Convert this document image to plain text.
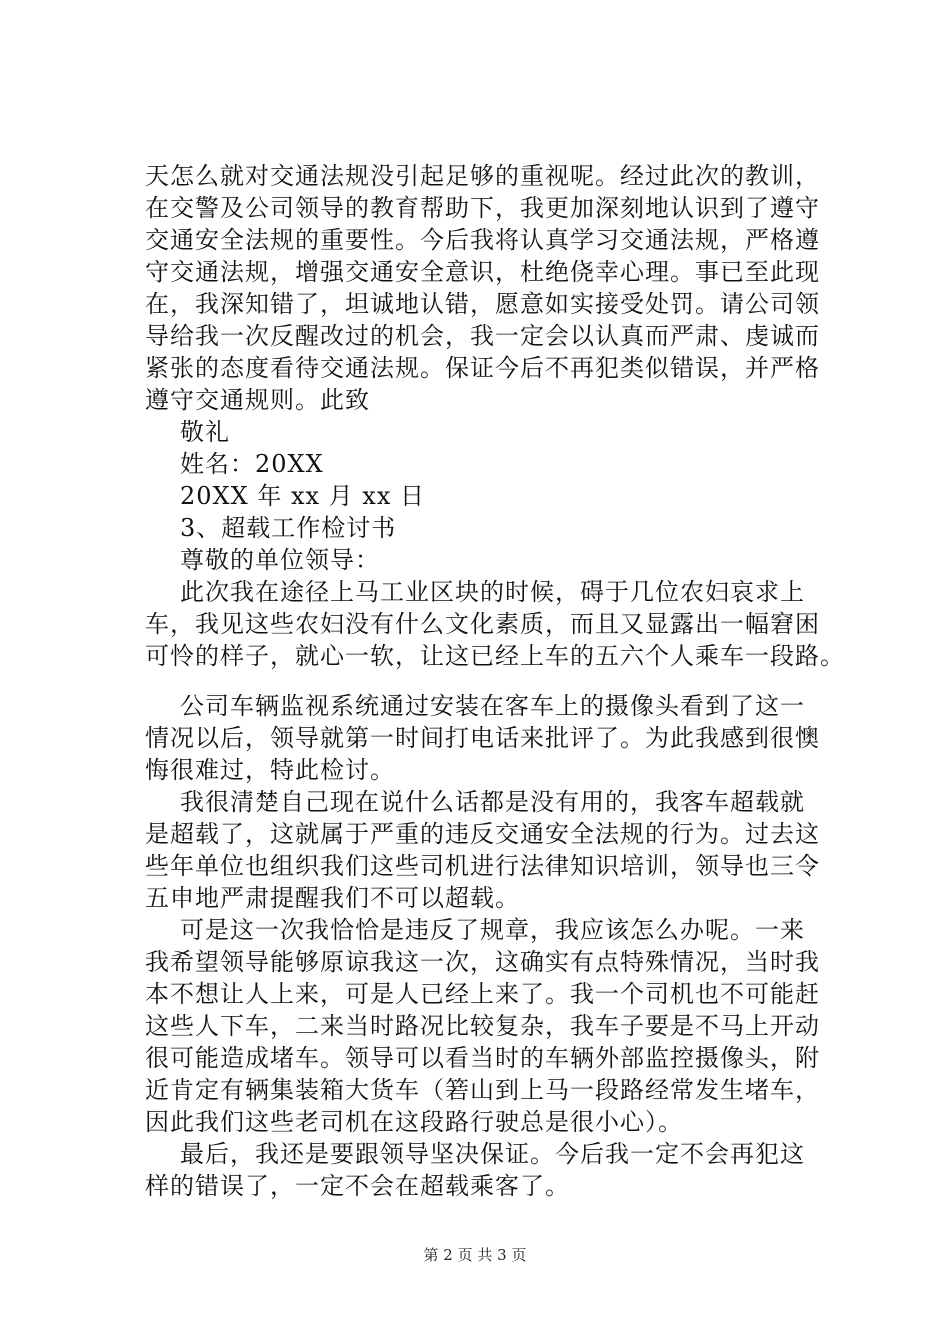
天怎么就对交通法规没引起足够的重视呢。经过此次的教训，
在交警及公司领导的教育帮助下，我更加深刻地认识到了遵守
交通安全法规的重要性。今后我将认真学习交通法规，严格遵
守交通法规，增强交通安全意识，杜绝侥幸心理。事已至此现
在，我深知错了，坦诚地认错，愿意如实接受处罚。请公司领
导给我一次反醒改过的机会，我一定会以认真而严肃、虔诚而
紧张的态度看待交通法规。保证今后不再犯类似错误，并严格
遵守交通规则。此致
敬礼
姓名：20XX
20XX 年 xx 月 xx 日
3、超载工作检讨书
尊敬的单位领导：
此次我在途径上马工业区块的时候，碍于几位农妇哀求上
车，我见这些农妇没有什么文化素质，而且又显露出一幅窘困
可怜的样子，就心一软，让这已经上车的五六个人乘车一段路。
公司车辆监视系统通过安装在客车上的摄像头看到了这一
情况以后，领导就第一时间打电话来批评了。为此我感到很懊
悔很难过，特此检讨。
我很清楚自己现在说什么话都是没有用的，我客车超载就
是超载了，这就属于严重的违反交通安全法规的行为。过去这
些年单位也组织我们这些司机进行法律知识培训，领导也三令
五申地严肃提醒我们不可以超载。
可是这一次我恰恰是违反了规章，我应该怎么办呢。一来
我希望领导能够原谅我这一次，这确实有点特殊情况，当时我
本不想让人上来，可是人已经上来了。我一个司机也不可能赶
这些人下车，二来当时路况比较复杂，我车子要是不马上开动
很可能造成堵车。领导可以看当时的车辆外部监控摄像头，附
近肯定有辆集装箱大货车（箬山到上马一段路经常发生堵车，
因此我们这些老司机在这段路行驶总是很小心）。
最后，我还是要跟领导坚决保证。今后我一定不会再犯这
样的错误了，一定不会在超载乘客了。
第 2 页 共 3 页
